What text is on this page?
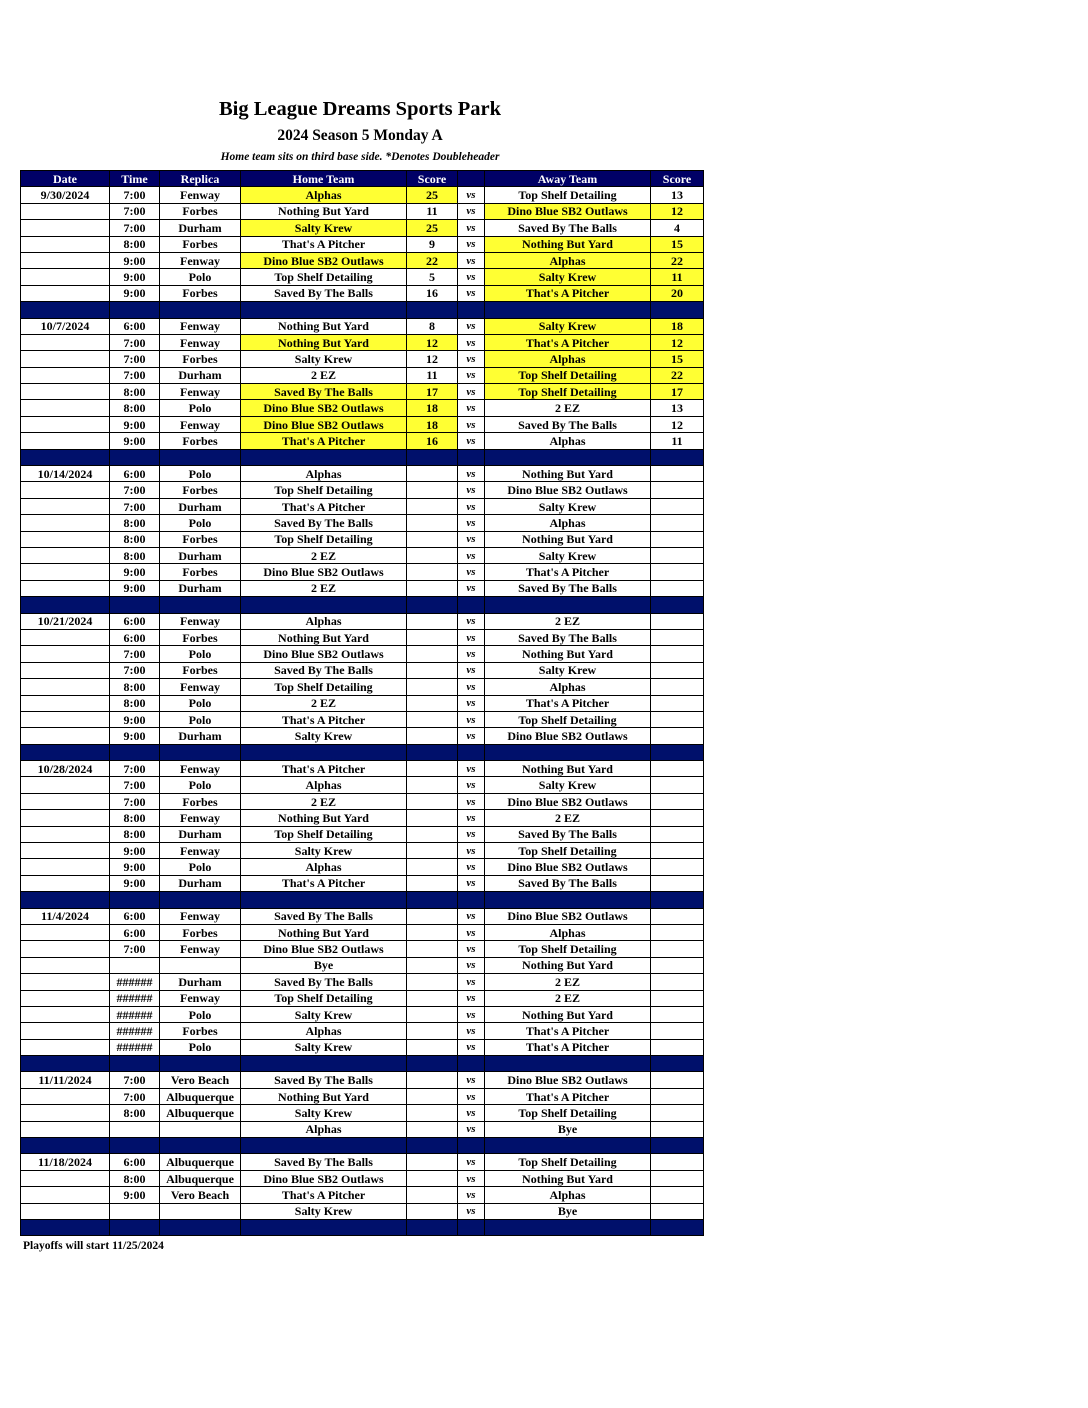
Big League Dreams Sports Park
2024 Season 5 Monday A
Home team sits on third base side. *Denotes Doubleheader
Date	Time	Replica	Home Team	Score		Away Team	Score
9/30/2024	7:00	Fenway	Alphas	25	vs	Top Shelf Detailing	13
	7:00	Forbes	Nothing But Yard	11	vs	Dino Blue SB2 Outlaws	12
	7:00	Durham	Salty Krew	25	vs	Saved By The Balls	4
	8:00	Forbes	That's A Pitcher	9	vs	Nothing But Yard	15
	9:00	Fenway	Dino Blue SB2 Outlaws	22	vs	Alphas	22
	9:00	Polo	Top Shelf Detailing	5	vs	Salty Krew	11
	9:00	Forbes	Saved By The Balls	16	vs	That's A Pitcher	20

10/7/2024	6:00	Fenway	Nothing But Yard	8	vs	Salty Krew	18
	7:00	Fenway	Nothing But Yard	12	vs	That's A Pitcher	12
	7:00	Forbes	Salty Krew	12	vs	Alphas	15
	7:00	Durham	2 EZ	11	vs	Top Shelf Detailing	22
	8:00	Fenway	Saved By The Balls	17	vs	Top Shelf Detailing	17
	8:00	Polo	Dino Blue SB2 Outlaws	18	vs	2 EZ	13
	9:00	Fenway	Dino Blue SB2 Outlaws	18	vs	Saved By The Balls	12
	9:00	Forbes	That's A Pitcher	16	vs	Alphas	11

10/14/2024	6:00	Polo	Alphas		vs	Nothing But Yard	
	7:00	Forbes	Top Shelf Detailing		vs	Dino Blue SB2 Outlaws	
	7:00	Durham	That's A Pitcher		vs	Salty Krew	
	8:00	Polo	Saved By The Balls		vs	Alphas	
	8:00	Forbes	Top Shelf Detailing		vs	Nothing But Yard	
	8:00	Durham	2 EZ		vs	Salty Krew	
	9:00	Forbes	Dino Blue SB2 Outlaws		vs	That's A Pitcher	
	9:00	Durham	2 EZ		vs	Saved By The Balls	

10/21/2024	6:00	Fenway	Alphas		vs	2 EZ	
	6:00	Forbes	Nothing But Yard		vs	Saved By The Balls	
	7:00	Polo	Dino Blue SB2 Outlaws		vs	Nothing But Yard	
	7:00	Forbes	Saved By The Balls		vs	Salty Krew	
	8:00	Fenway	Top Shelf Detailing		vs	Alphas	
	8:00	Polo	2 EZ		vs	That's A Pitcher	
	9:00	Polo	That's A Pitcher		vs	Top Shelf Detailing	
	9:00	Durham	Salty Krew		vs	Dino Blue SB2 Outlaws	

10/28/2024	7:00	Fenway	That's A Pitcher		vs	Nothing But Yard	
	7:00	Polo	Alphas		vs	Salty Krew	
	7:00	Forbes	2 EZ		vs	Dino Blue SB2 Outlaws	
	8:00	Fenway	Nothing But Yard		vs	2 EZ	
	8:00	Durham	Top Shelf Detailing		vs	Saved By The Balls	
	9:00	Fenway	Salty Krew		vs	Top Shelf Detailing	
	9:00	Polo	Alphas		vs	Dino Blue SB2 Outlaws	
	9:00	Durham	That's A Pitcher		vs	Saved By The Balls	

11/4/2024	6:00	Fenway	Saved By The Balls		vs	Dino Blue SB2 Outlaws	
	6:00	Forbes	Nothing But Yard		vs	Alphas	
	7:00	Fenway	Dino Blue SB2 Outlaws		vs	Top Shelf Detailing	
			Bye		vs	Nothing But Yard	
	######	Durham	Saved By The Balls		vs	2 EZ	
	######	Fenway	Top Shelf Detailing		vs	2 EZ	
	######	Polo	Salty Krew		vs	Nothing But Yard	
	######	Forbes	Alphas		vs	That's A Pitcher	
	######	Polo	Salty Krew		vs	That's A Pitcher	

11/11/2024	7:00	Vero Beach	Saved By The Balls		vs	Dino Blue SB2 Outlaws	
	7:00	Albuquerque	Nothing But Yard		vs	That's A Pitcher	
	8:00	Albuquerque	Salty Krew		vs	Top Shelf Detailing	
			Alphas		vs	Bye	

11/18/2024	6:00	Albuquerque	Saved By The Balls		vs	Top Shelf Detailing	
	8:00	Albuquerque	Dino Blue SB2 Outlaws		vs	Nothing But Yard	
	9:00	Vero Beach	That's A Pitcher		vs	Alphas	
			Salty Krew		vs	Bye	

Playoffs will start 11/25/2024
